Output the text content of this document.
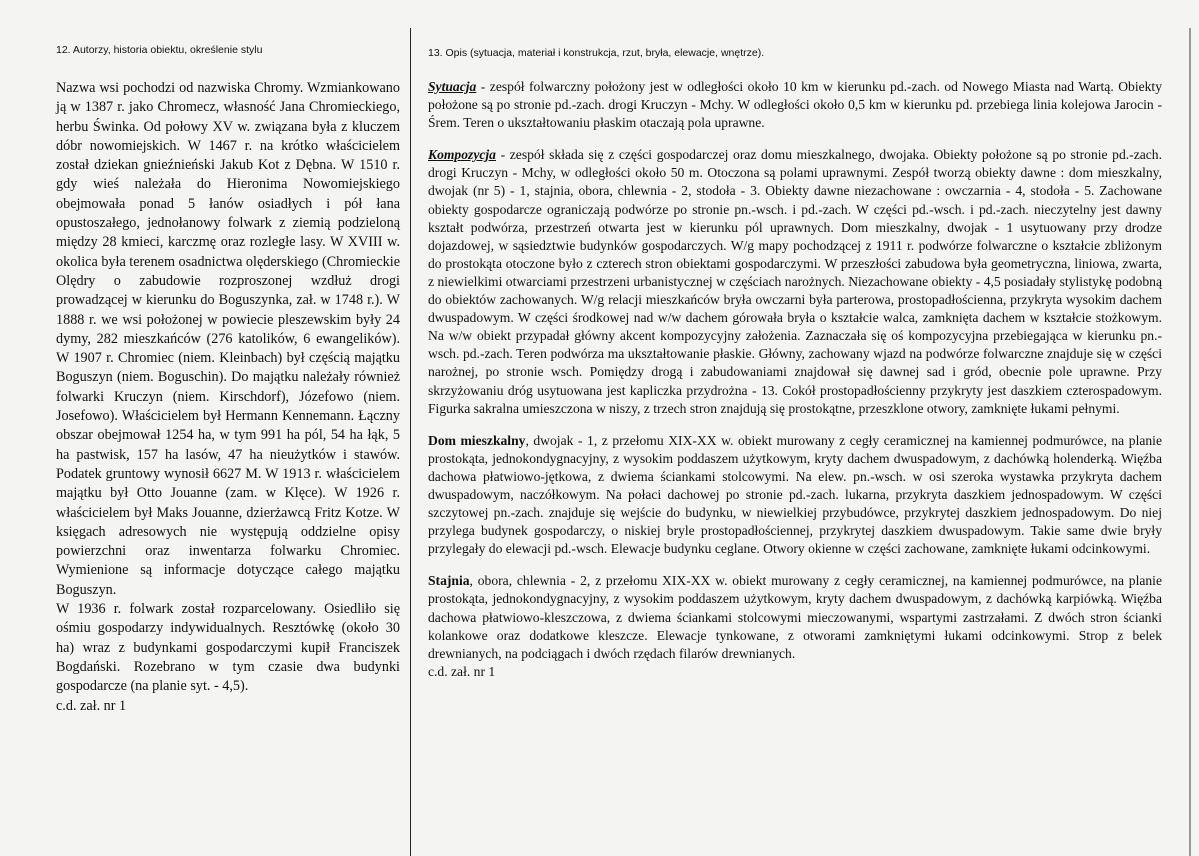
12. Autorzy, historia obiektu, określenie stylu	13. Opis (sytuacja, materiał i konstrukcja, rzut, bryła, elewacje, wnętrze).

Nazwa wsi pochodzi od nazwiska Chromy. Wzmiankowano ją w 1387 r. jako Chromecz, własność Jana Chromieckiego, herbu Świnka. Od połowy XV w. związana była z kluczem dóbr nowomiejskich. W 1467 r. na krótko właścicielem został dziekan gnieźnieński Jakub Kot z Dębna. W 1510 r. gdy wieś należała do Hieronima Nowomiejskiego obejmowała ponad 5 łanów osiadłych i pół łana opustoszałego, jednołanowy folwark z ziemią podzieloną między 28 kmieci, karczmę oraz rozległe lasy. W XVIII w. okolica była terenem osadnictwa olęderskiego (Chromieckie Olędry o zabudowie rozproszonej wzdłuż drogi prowadzącej w kierunku do Boguszynka, zał. w 1748 r.). W 1888 r. we wsi położonej w powiecie pleszewskim były 24 dymy, 282 mieszkańców (276 katolików, 6 ewangelików). W 1907 r. Chromiec (niem. Kleinbach) był częścią majątku Boguszyn (niem. Boguschin). Do majątku należały również folwarki Kruczyn (niem. Kirschdorf), Józefowo (niem. Josefowo). Właścicielem był Hermann Kennemann. Łączny obszar obejmował 1254 ha, w tym 991 ha pól, 54 ha łąk, 5 ha pastwisk, 157 ha lasów, 47 ha nieużytków i stawów. Podatek gruntowy wynosił 6627 M. W 1913 r. właścicielem majątku był Otto Jouanne (zam. w Klęce). W 1926 r. właścicielem był Maks Jouanne, dzierżawcą Fritz Kotze. W księgach adresowych nie występują oddzielne opisy powierzchni oraz inwentarza folwarku Chromiec. Wymienione są informacje dotyczące całego majątku Boguszyn.

W 1936 r. folwark został rozparcelowany. Osiedliło się ośmiu gospodarzy indywidualnych. Resztówkę (około 30 ha) wraz z budynkami gospodarczymi kupił Franciszek Bogdański. Rozebrano w tym czasie dwa budynki gospodarcze (na planie syt. - 4,5).

c.d. zał. nr 1

Sytuacja - zespół folwarczny położony jest w odległości około 10 km w kierunku pd.-zach. od Nowego Miasta nad Wartą. Obiekty położone są po stronie pd.-zach. drogi Kruczyn - Mchy. W odległości około 0,5 km w kierunku pd. przebiega linia kolejowa Jarocin - Śrem. Teren o ukształtowaniu płaskim otaczają pola uprawne.

Kompozycja - zespół składa się z części gospodarczej oraz domu mieszkalnego, dwojaka. Obiekty położone są po stronie pd.-zach. drogi Kruczyn - Mchy, w odległości około 50 m. Otoczona są polami uprawnymi. Zespół tworzą obiekty dawne : dom mieszkalny, dwojak (nr 5) - 1, stajnia, obora, chlewnia - 2, stodoła - 3. Obiekty dawne niezachowane : owczarnia - 4, stodoła - 5. Zachowane obiekty gospodarcze ograniczają podwórze po stronie pn.-wsch. i pd.-zach. W części pd.-wsch. i pd.-zach. nieczytelny jest dawny kształt podwórza, przestrzeń otwarta jest w kierunku pól uprawnych. Dom mieszkalny, dwojak - 1 usytuowany przy drodze dojazdowej, w sąsiedztwie budynków gospodarczych. W/g mapy pochodzącej z 1911 r. podwórze folwarczne o kształcie zbliżonym do prostokąta otoczone było z czterech stron obiektami gospodarczymi. W przeszłości zabudowa była geometryczna, liniowa, zwarta, z niewielkimi otwarciami przestrzeni urbanistycznej w częściach narożnych. Niezachowane obiekty - 4,5 posiadały stylistykę podobną do obiektów zachowanych. W/g relacji mieszkańców bryła owczarni była parterowa, prostopadłościenna, przykryta wysokim dachem dwuspadowym. W części środkowej nad w/w dachem górowała bryła o kształcie walca, zamknięta dachem w kształcie stożkowym. Na w/w obiekt przypadał główny akcent kompozycyjny założenia. Zaznaczała się oś kompozycyjna przebiegająca w kierunku pn.-wsch. pd.-zach. Teren podwórza ma ukształtowanie płaskie. Główny, zachowany wjazd na podwórze folwarczne znajduje się w części narożnej, po stronie wsch. Pomiędzy drogą i zabudowaniami znajdował się dawnej sad i gród, obecnie pole uprawne. Przy skrzyżowaniu dróg usytuowana jest kapliczka przydrożna - 13. Cokół prostopadłościenny przykryty jest daszkiem czterospadowym. Figurka sakralna umieszczona w niszy, z trzech stron znajdują się prostokątne, przeszklone otwory, zamknięte łukami pełnymi.

Dom mieszkalny, dwojak - 1, z przełomu XIX-XX w. obiekt murowany z cegły ceramicznej na kamiennej podmurówce, na planie prostokąta, jednokondygnacyjny, z wysokim poddaszem użytkowym, kryty dachem dwuspadowym, z dachówką holenderką. Więźba dachowa płatwiowo-jętkowa, z dwiema ściankami stolcowymi. Na elew. pn.-wsch. w osi szeroka wystawka przykryta dachem dwuspadowym, naczółkowym. Na połaci dachowej po stronie pd.-zach. lukarna, przykryta daszkiem jednospadowym. W części szczytowej pn.-zach. znajduje się wejście do budynku, w niewielkiej przybudówce, przykrytej daszkiem jednospadowym. Do niej przylega budynek gospodarczy, o niskiej bryle prostopadłościennej, przykrytej daszkiem dwuspadowym. Takie same dwie bryły przylegały do elewacji pd.-wsch. Elewacje budynku ceglane. Otwory okienne w części zachowane, zamknięte łukami odcinkowymi.

Stajnia, obora, chlewnia - 2, z przełomu XIX-XX w. obiekt murowany z cegły ceramicznej, na kamiennej podmurówce, na planie prostokąta, jednokondygnacyjny, z wysokim poddaszem użytkowym, kryty dachem dwuspadowym, z dachówką karpiówką. Więźba dachowa płatwiowo-kleszczowa, z dwiema ściankami stolcowymi mieczowanymi, wspartymi zastrzałami. Z dwóch stron ścianki kolankowe oraz dodatkowe kleszcze. Elewacje tynkowane, z otworami zamkniętymi łukami odcinkowymi. Strop z belek drewnianych, na podciągach i dwóch rzędach filarów drewnianych.

c.d. zał. nr 1
